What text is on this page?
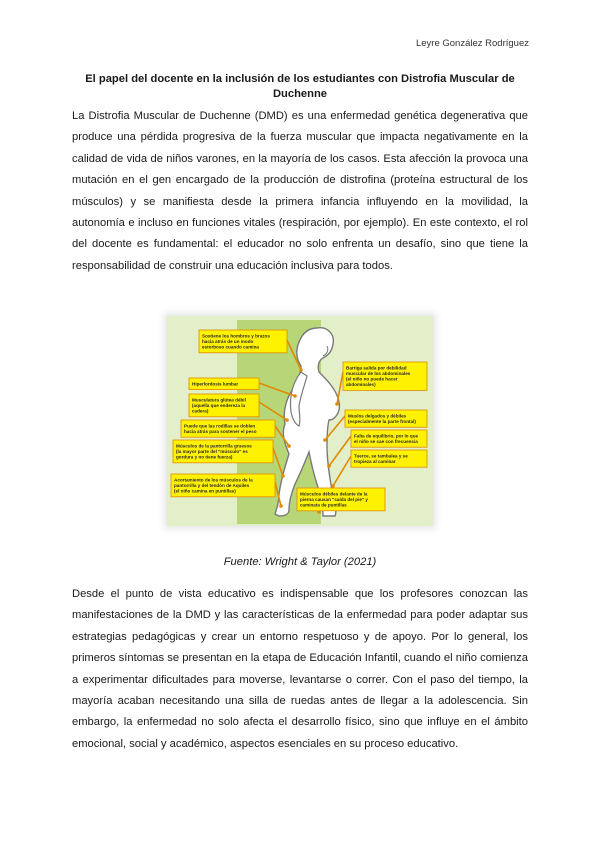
Leyre González Rodríguez
El papel del docente en la inclusión de los estudiantes con Distrofia Muscular de Duchenne

La Distrofia Muscular de Duchenne (DMD) es una enfermedad genética degenerativa que produce una pérdida progresiva de la fuerza muscular que impacta negativamente en la calidad de vida de niños varones, en la mayoría de los casos. Esta afección la provoca una mutación en el gen encargado de la producción de distrofina (proteína estructural de los músculos) y se manifiesta desde la primera infancia influyendo en la movilidad, la autonomía e incluso en funciones vitales (respiración, por ejemplo). En este contexto, el rol del docente es fundamental: el educador no solo enfrenta un desafío, sino que tiene la responsabilidad de construir una educación inclusiva para todos.

Sostiene los hombros y brazos
hacia atrás de un modo
estorboso cuando camina
Hiperlordosis lumbar
Musculatura glútea débil
(aquella que endereza la
cadera)
Puede que las rodillas se doblen
hacia atrás para sostener el peso
Músculos de la pantorrilla gruesos
(la mayor parte del "músculo" es
gordura y no tiene fuerza)
Acortamiento de los músculos de la
pantorrilla y del tendón de Aquiles
(el niño camina en puntillas)
Barriga salida por debilidad
muscular de los abdominales
(el niño no puede hacer
abdominales)
Muslos delgados y débiles
(especialmente la parte frontal)
Falta de equilibrio, por lo que
el niño se cae con frecuencia
Tuerce, se tambalea y se
tropieza al caminar
Músculos débiles delante de la
pierna causan "caída del pie" y
caminata de puntillas
Fuente: Wright & Taylor (2021)

Desde el punto de vista educativo es indispensable que los profesores conozcan las manifestaciones de la DMD y las características de la enfermedad para poder adaptar sus estrategias pedagógicas y crear un entorno respetuoso y de apoyo. Por lo general, los primeros síntomas se presentan en la etapa de Educación Infantil, cuando el niño comienza a experimentar dificultades para moverse, levantarse o correr. Con el paso del tiempo, la mayoría acaban necesitando una silla de ruedas antes de llegar a la adolescencia. Sin embargo, la enfermedad no solo afecta el desarrollo físico, sino que influye en el ámbito emocional, social y académico, aspectos esenciales en su proceso educativo.
